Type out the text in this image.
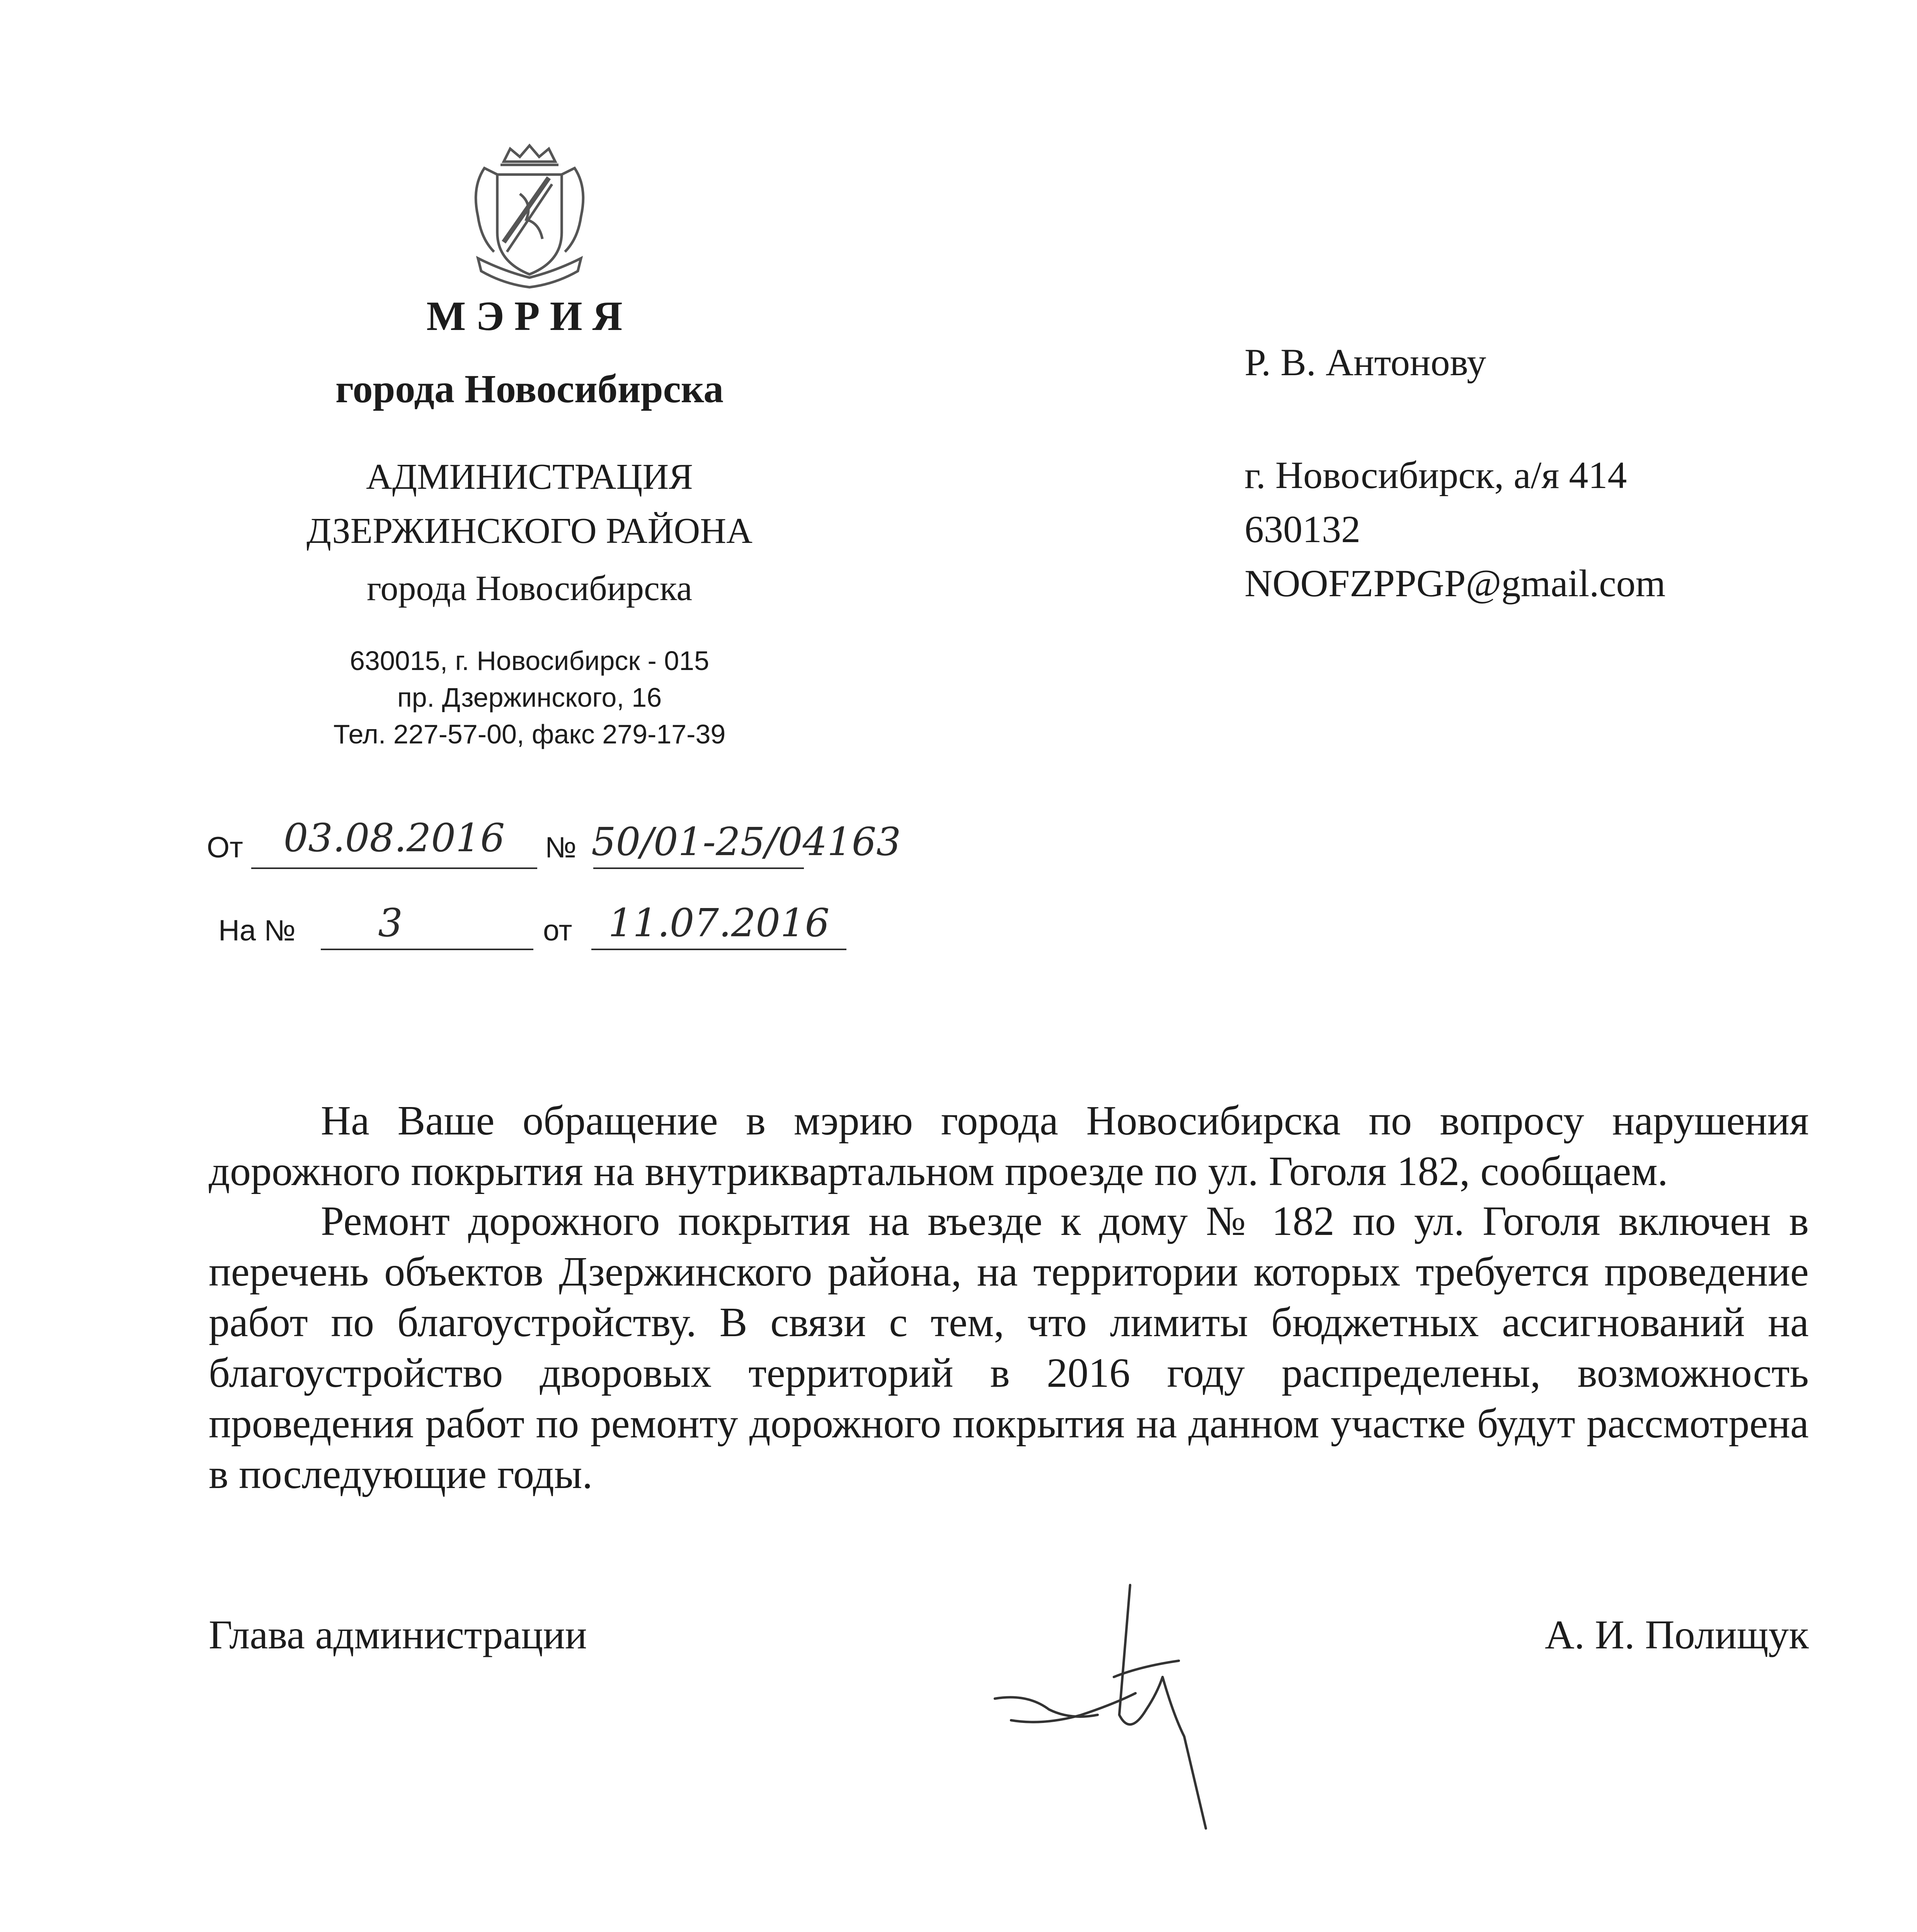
МЭРИЯ
города Новосибирска
АДМИНИСТРАЦИЯ
ДЗЕРЖИНСКОГО РАЙОНА
города Новосибирска
630015, г. Новосибирск - 015
пр. Дзержинского, 16
Тел. 227-57-00, факс 279-17-39
От	03.08.2016	№ 50/01-25/04163
На №	3	от 11.07.2016
Р. В. Антонову
г. Новосибирск, а/я 414
630132
NOOFZPPGP@gmail.com
На Ваше обращение в мэрию города Новосибирска по вопросу нарушения дорожного покрытия на внутриквартальном проезде по ул. Гоголя 182, сообщаем.
Ремонт дорожного покрытия на въезде к дому № 182 по ул. Гоголя включен в перечень объектов Дзержинского района, на территории которых требуется проведение работ по благоустройству. В связи с тем, что лимиты бюджетных ассигнований на благоустройство дворовых территорий в 2016 году распределены, возможность проведения работ по ремонту дорожного покрытия на данном участке будут рассмотрена в последующие годы.
Глава администрации	А. И. Полищук
